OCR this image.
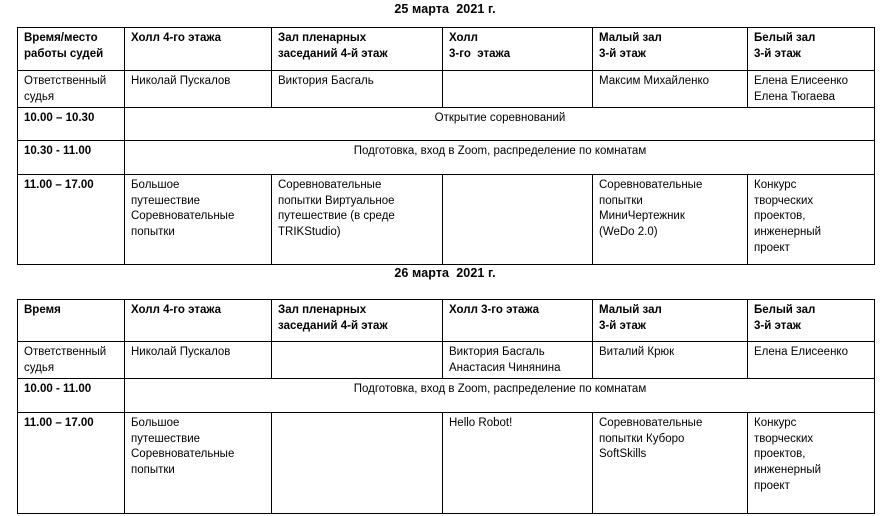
25 марта  2021 г.
Время/место
работы судей	Холл 4-го этажа	Зал пленарных
заседаний 4-й этаж	Холл
3-го  этажа	Малый зал
3-й этаж	Белый зал
3-й этаж

Ответственный
судья	Николай Пускалов	Виктория Басгаль		Максим Михайленко	Елена Елисеенко
Елена Тюгаева

10.00 – 10.30	Открытие соревнований				

10.30 - 11.00	Подготовка, вход в Zoom, распределение по комнатам				

11.00 – 17.00	Большое
путешествие
Соревновательные
попытки	Соревновательные
попытки Виртуальное
путешествие (в среде
TRIKStudio)		Соревновательные
попытки
МиниЧертежник
(WeDo 2.0)	Конкурс
творческих
проектов,
инженерный
проект
26 марта  2021 г.
Время	Холл 4-го этажа	Зал пленарных
заседаний 4-й этаж	Холл 3-го этажа	Малый зал
3-й этаж	Белый зал
3-й этаж

Ответственный
судья	Николай Пускалов		Виктория Басгаль
Анастасия Чинянина	Виталий Крюк	Елена Елисеенко

10.00 - 11.00	Подготовка, вход в Zoom, распределение по комнатам				

11.00 – 17.00	Большое
путешествие
Соревновательные
попытки		Hello Robot!	Соревновательные
попытки Куборо
SoftSkills	Конкурс
творческих
проектов,
инженерный
проект
